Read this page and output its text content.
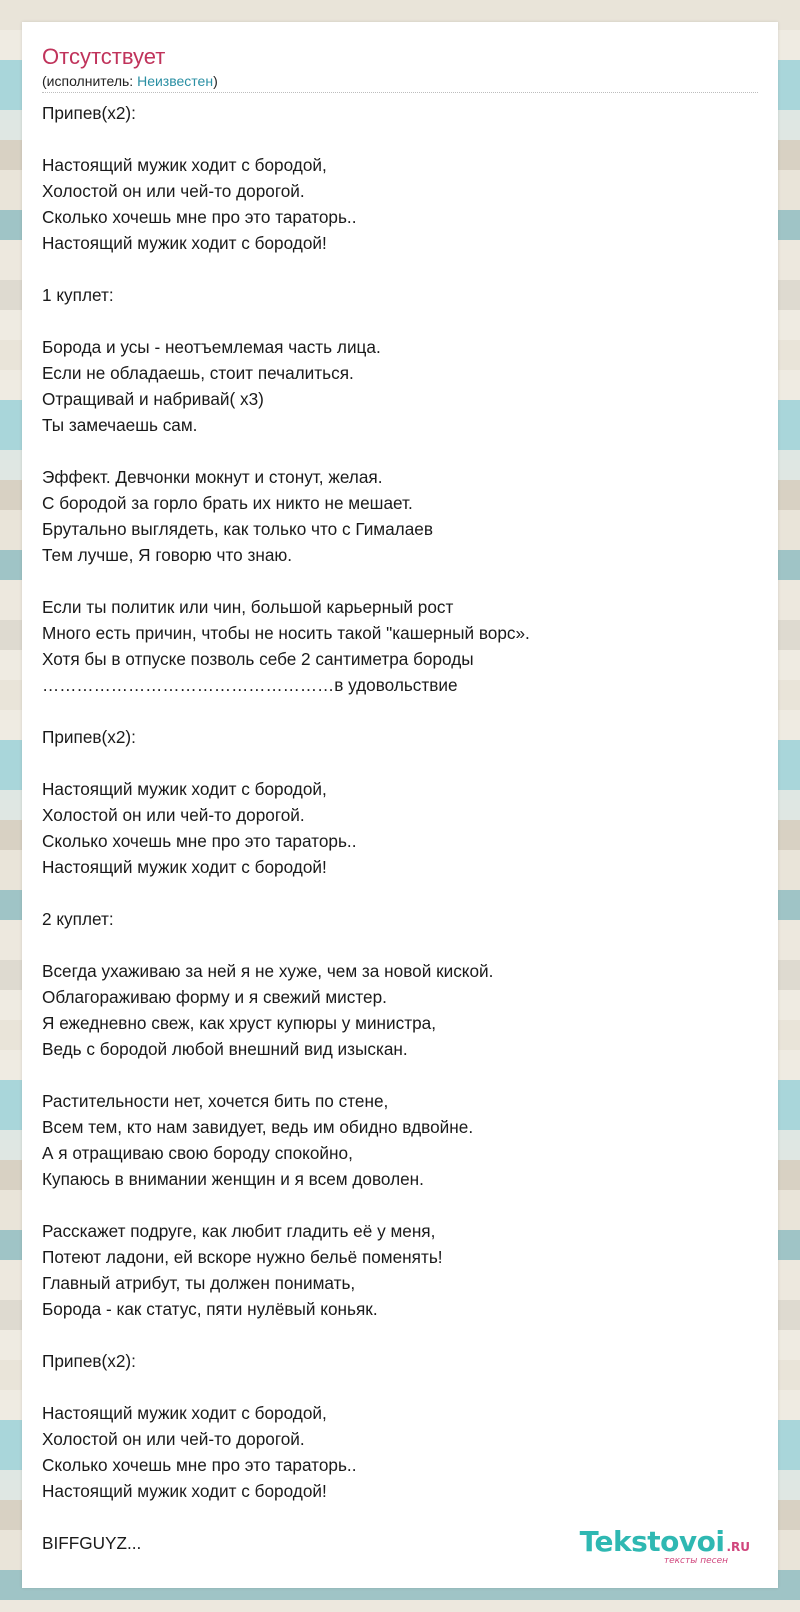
Отсутствует
(исполнитель: Неизвестен)
Припев(х2):
Настоящий мужик ходит с бородой,
Холостой он или чей-то дорогой.
Сколько хочешь мне про это тараторь..
Настоящий мужик ходит с бородой!
1 куплет:
Борода и усы - неотъемлемая часть лица.
Если не обладаешь, стоит печалиться.
Отращивай и набривай( х3)
Ты замечаешь сам.
Эффект. Девчонки мокнут и стонут, желая.
С бородой за горло брать их никто не мешает.
Брутально выглядеть, как только что с Гималаев
Тем лучше, Я говорю что знаю.
Если ты политик или чин, большой карьерный рост
Много есть причин, чтобы не носить такой "кашерный ворс».
Хотя бы в отпуске позволь себе 2 сантиметра бороды
……………………………………………в удовольствие
Припев(х2):
Настоящий мужик ходит с бородой,
Холостой он или чей-то дорогой.
Сколько хочешь мне про это тараторь..
Настоящий мужик ходит с бородой!
2 куплет:
Всегда ухаживаю за ней я не хуже, чем за новой киской.
Облагораживаю форму и я свежий мистер.
Я ежедневно свеж, как хруст купюры у министра,
Ведь с бородой любой внешний вид изыскан.
Растительности нет, хочется бить по стене,
Всем тем, кто нам завидует, ведь им обидно вдвойне.
А я отращиваю свою бороду спокойно,
Купаюсь в внимании женщин и я всем доволен.
Расскажет подруге, как любит гладить её у меня,
Потеют ладони, ей вскоре нужно бельё поменять!
Главный атрибут, ты должен понимать,
Борода - как статус, пяти нулёвый коньяк.
Припев(х2):
Настоящий мужик ходит с бородой,
Холостой он или чей-то дорогой.
Сколько хочешь мне про это тараторь..
Настоящий мужик ходит с бородой!
BIFFGUYZ...	Tekstovoi .RU
тексты песен
